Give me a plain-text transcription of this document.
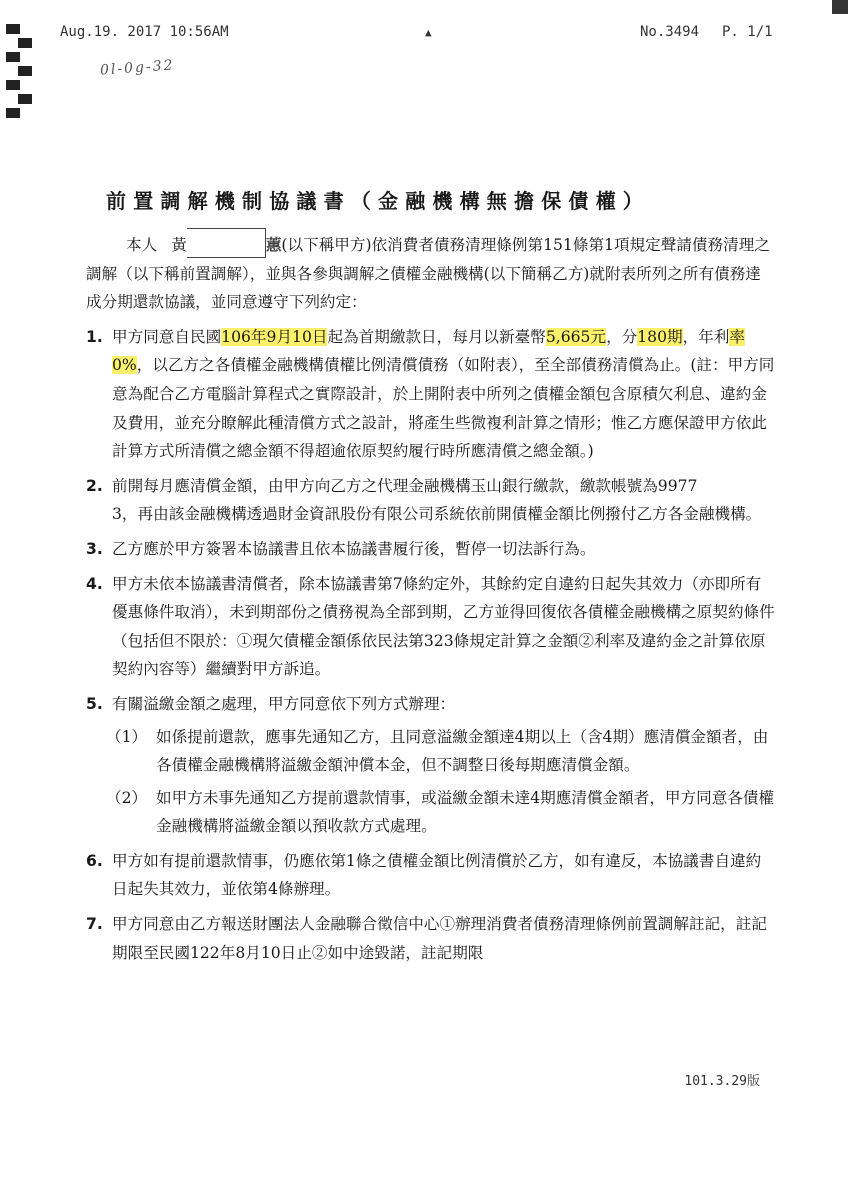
Aug.19. 2017 10:56AM	▲	No.3494 P. 1/1
0l-0g-32
前置調解機制協議書（金融機構無擔保債權）

本人 黃	蕙(以下稱甲方)依消費者債務清理條例第151條第1項規定聲請債務清理之調解（以下稱前置調解），並與各參與調解之債權金融機構(以下簡稱乙方)就附表所列之所有債務達成分期還款協議，並同意遵守下列約定：

1. 甲方同意自民國106年9月10日起為首期繳款日，每月以新臺幣5,665元，分180期，年利率0%，以乙方之各債權金融機構債權比例清償債務（如附表），至全部債務清償為止。(註：甲方同意為配合乙方電腦計算程式之實際設計，於上開附表中所列之債權金額包含原積欠利息、違約金及費用，並充分瞭解此種清償方式之設計，將產生些微複利計算之情形；惟乙方應保證甲方依此計算方式所清償之總金額不得超逾依原契約履行時所應清償之總金額。)

2. 前開每月應清償金額，由甲方向乙方之代理金融機構玉山銀行繳款，繳款帳號為99773，再由該金融機構透過財金資訊股份有限公司系統依前開債權金額比例撥付乙方各金融機構。

3. 乙方應於甲方簽署本協議書且依本協議書履行後，暫停一切法訴行為。

4. 甲方未依本協議書清償者，除本協議書第7條約定外，其餘約定自違約日起失其效力（亦即所有優惠條件取消），未到期部份之債務視為全部到期，乙方並得回復依各債權金融機構之原契約條件（包括但不限於：①現欠債權金額係依民法第323條規定計算之金額②利率及違約金之計算依原契約內容等）繼續對甲方訴追。

5. 有關溢繳金額之處理，甲方同意依下列方式辦理：

（1） 如係提前還款，應事先通知乙方，且同意溢繳金額達4期以上（含4期）應清償金額者，由各債權金融機構將溢繳金額沖償本金，但不調整日後每期應清償金額。

（2） 如甲方未事先通知乙方提前還款情事，或溢繳金額未達4期應清償金額者，甲方同意各債權金融機構將溢繳金額以預收款方式處理。

6. 甲方如有提前還款情事，仍應依第1條之債權金額比例清償於乙方，如有違反，本協議書自違約日起失其效力，並依第4條辦理。

7. 甲方同意由乙方報送財團法人金融聯合徵信中心①辦理消費者債務清理條例前置調解註記，註記期限至民國122年8月10日止②如中途毀諾，註記期限

101.3.29版
